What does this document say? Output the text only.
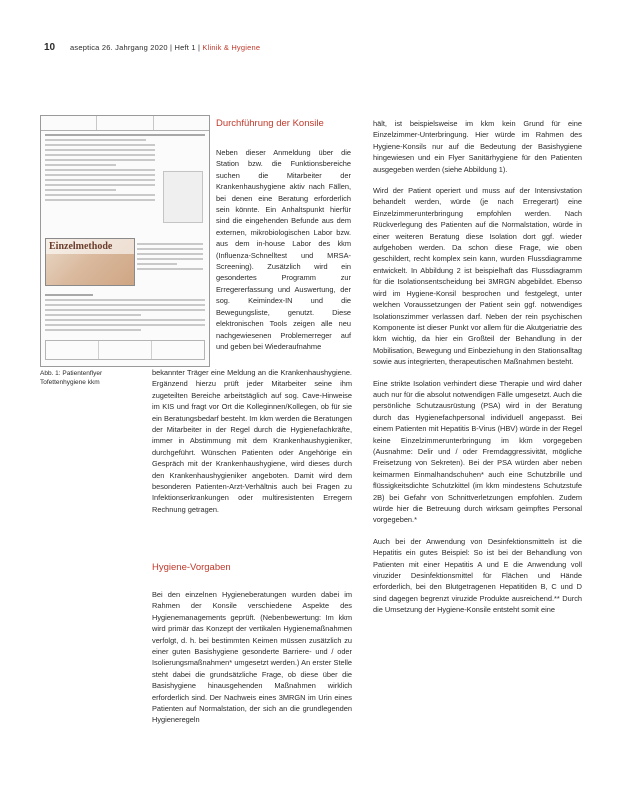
10 aseptica 26. Jahrgang 2020 | Heft 1 | Klinik & Hygiene
Einzelmethode
Abb. 1: Patientenflyer Tofettenhygiene kkm
Durchführung der Konsile
Neben dieser Anmeldung über die Station bzw. die Funktionsbereiche suchen die Mitarbeiter der Krankenhaushygiene aktiv nach Fällen, bei denen eine Beratung erforderlich sein könnte. Ein Anhaltspunkt hierfür sind die eingehenden Befunde aus dem externen, mikrobiologischen Labor bzw. aus dem in-house Labor des kkm (Influenza-Schnelltest und MRSA-Screening). Zusätzlich wird ein gesondertes Programm zur Erregererfassung und Auswertung, der sog. Keimindex-IN und die Bewegungsliste, genutzt. Diese elektronischen Tools zeigen alle neu nachgewiesenen Problemerreger auf und geben bei Wiederaufnahme
bekannter Träger eine Meldung an die Krankenhaushygiene. Ergänzend hierzu prüft jeder Mitarbeiter seine ihm zugeteilten Bereiche arbeitstäglich auf sog. Cave-Hinweise im KIS und fragt vor Ort die Kolleginnen/Kollegen, ob für sie ein Beratungsbedarf besteht. Im kkm werden die Beratungen der Mitarbeiter in der Regel durch die Hygienefachkräfte, immer in Abstimmung mit dem Krankenhaushygieniker, durchgeführt. Wünschen Patienten oder Angehörige ein Gespräch mit der Krankenhaushygiene, wird dieses durch den Krankenhaushygieniker angeboten. Damit wird dem besonderen Patienten-Arzt-Verhältnis auch bei Fragen zu Infektionserkrankungen oder multiresistenten Erregern Rechnung getragen.
Hygiene-Vorgaben
Bei den einzelnen Hygieneberatungen wurden dabei im Rahmen der Konsile verschiedene Aspekte des Hygienemanagements geprüft. (Nebenbewertung: Im kkm wird primär das Konzept der vertikalen Hygienemaßnahmen verfolgt, d. h. bei bestimmten Keimen müssen zusätzlich zu einer guten Basishygiene gesonderte Barriere- und / oder Isolierungsmaßnahmen* umgesetzt werden.) An erster Stelle steht dabei die grundsätzliche Frage, ob diese über die Basishygiene hinausgehenden Maßnahmen wirklich erforderlich sind. Der Nachweis eines 3MRGN im Urin eines Patienten auf Normalstation, der sich an die grundlegenden Hygieneregeln

hält, ist beispielsweise im kkm kein Grund für eine Einzelzimmer-Unterbringung. Hier würde im Rahmen des Hygiene-Konsils nur auf die Bedeutung der Basishygiene hingewiesen und ein Flyer Sanitärhygiene für den Patienten ausgegeben werden (siehe Abbildung 1).

Wird der Patient operiert und muss auf der Intensivstation behandelt werden, würde (je nach Erregerart) eine Einzelzimmerunterbringung empfohlen werden. Nach Rückverlegung des Patienten auf die Normalstation, würde in einer weiteren Beratung diese Isolation dort ggf. wieder aufgehoben werden. Da schon diese Frage, wie oben geschildert, recht komplex sein kann, wurden Flussdiagramme entwickelt. In Abbildung 2 ist beispielhaft das Flussdiagramm für die Isolationsentscheidung bei 3MRGN abgebildet. Ebenso wird im Hygiene-Konsil besprochen und festgelegt, unter welchen Voraussetzungen der Patient sein ggf. notwendiges Isolationszimmer verlassen darf. Neben der rein psychischen Komponente ist dieser Punkt vor allem für die Akutgeriatrie des kkm wichtig, da hier ein Großteil der Behandlung in der Mobilisation, Bewegung und Einbeziehung in den Stationsalltag sowie aus integrierten, therapeutischen Maßnahmen besteht.

Eine strikte Isolation verhindert diese Therapie und wird daher auch nur für die absolut notwendigen Fälle umgesetzt. Auch die persönliche Schutzausrüstung (PSA) wird in der Beratung durch das Hygienefachpersonal individuell angepasst. Bei einem Patienten mit Hepatitis B-Virus (HBV) würde in der Regel keine Einzelzimmerunterbringung im kkm vorgegeben (Ausnahme: Delir und / oder Fremdaggressivität, mögliche Freisetzung von Sekreten). Bei der PSA würden aber neben keimarmen Einmalhandschuhen* auch eine Schutzbrille und flüssigkeitsdichte Schutzkittel (im kkm mindestens Schutzstufe 2B) bei Gefahr von Schnittverletzungen empfohlen. Zudem würde hier die Betreuung durch wirksam geimpftes Personal vorgegeben.*

Auch bei der Anwendung von Desinfektionsmitteln ist die Hepatitis ein gutes Beispiel: So ist bei der Behandlung von Patienten mit einer Hepatitis A und E die Anwendung voll viruzider Desinfektionsmittel für Flächen und Hände erforderlich, bei den Blutgetragenen Hepatitiden B, C und D sind dagegen begrenzt viruzide Produkte ausreichend.** Durch die Umsetzung der Hygiene-Konsile entsteht somit eine
